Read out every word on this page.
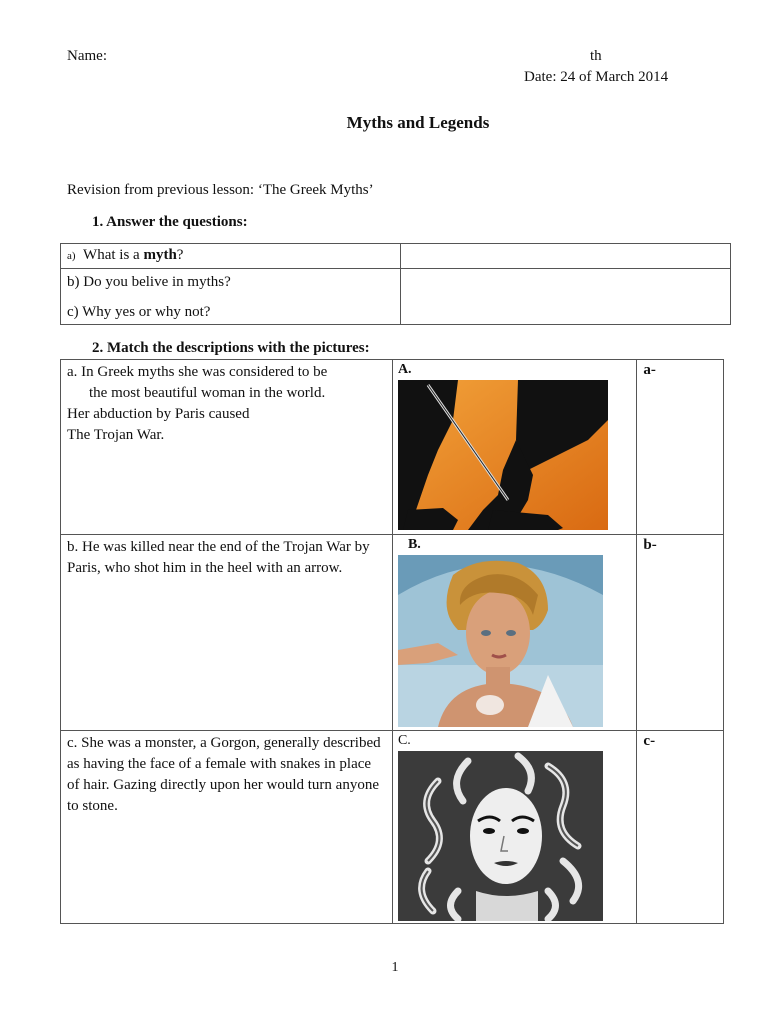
Name:	th
Date: 24 of March 2014
Myths and Legends
Revision from previous lesson: ‘The Greek Myths’
1. Answer the questions:
a) What is a myth?	

b) Do you belive in myths?
c) Why yes or why not?	

2. Match the descriptions with the pictures:
a. In Greek myths she was considered to be
the most beautiful woman in the world.
Her abduction by Paris caused
The Trojan War.	A.	a-
b. He was killed near the end of the Trojan War by Paris, who shot him in the heel with an arrow.	B.	b-
c. She was a monster, a Gorgon, generally described as having the face of a female with snakes in place of hair. Gazing directly upon her would turn anyone to stone.	C.	c-
1
